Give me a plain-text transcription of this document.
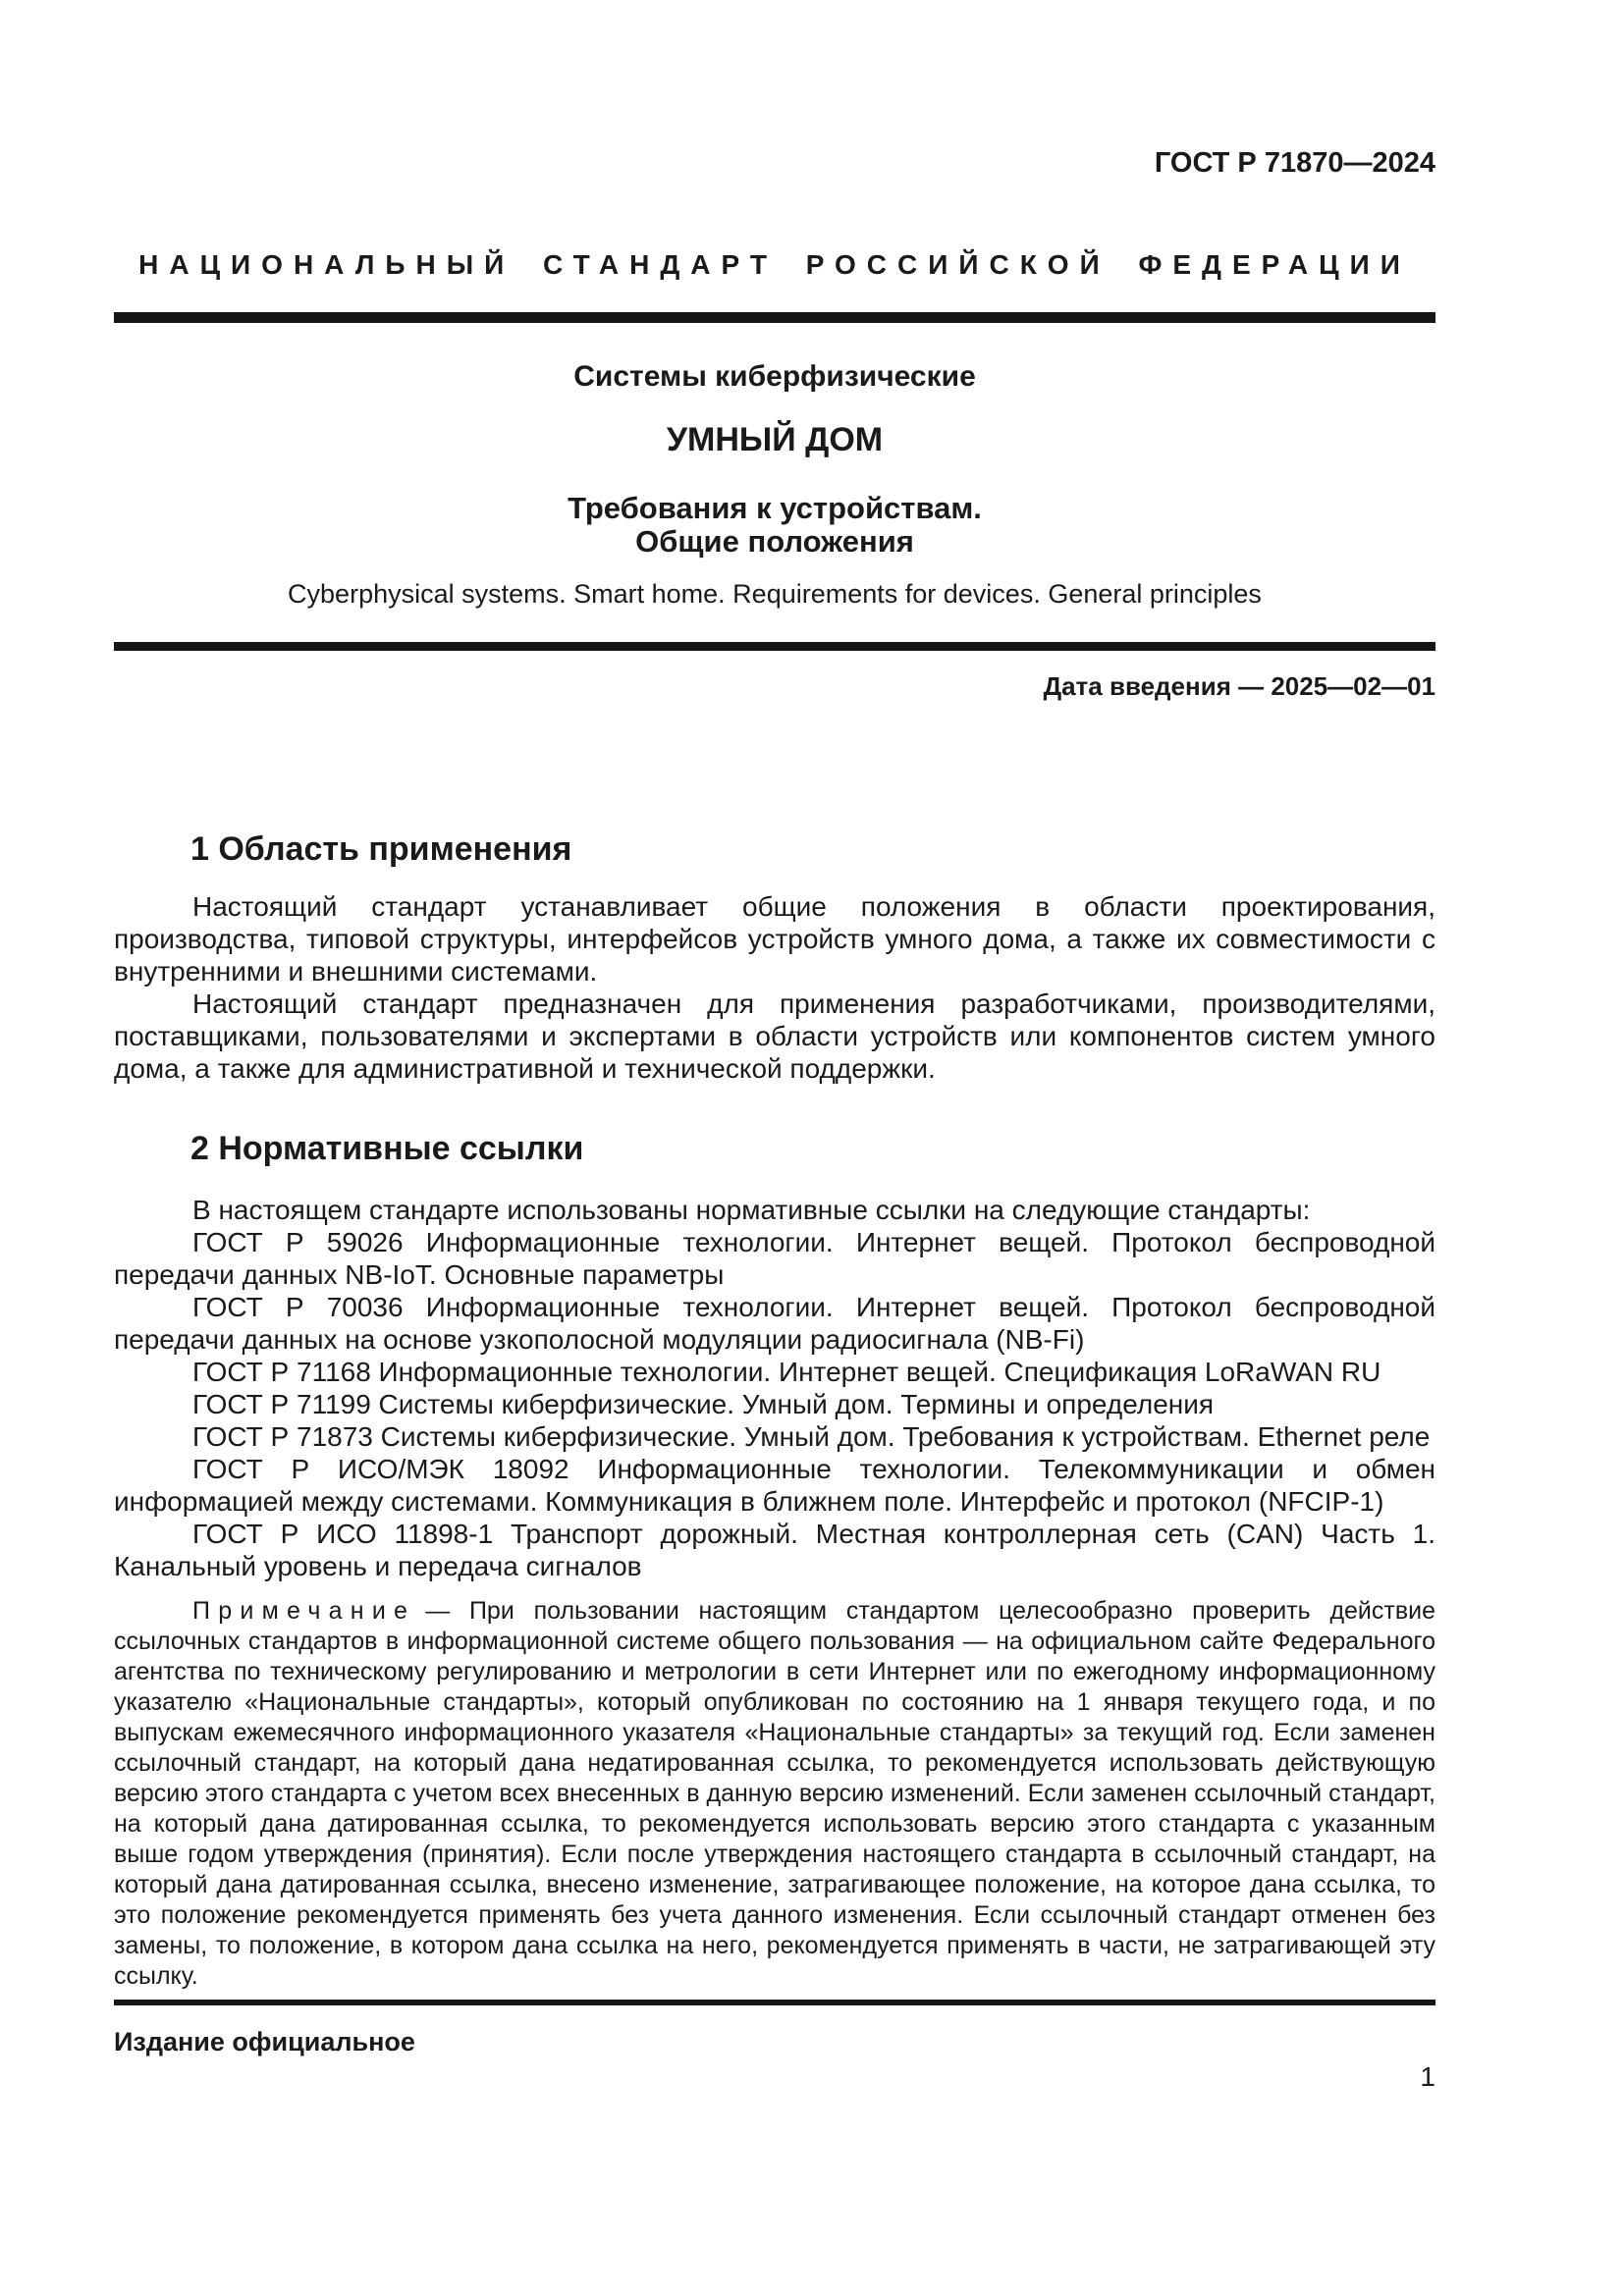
ГОСТ Р 71870—2024
НАЦИОНАЛЬНЫЙ СТАНДАРТ РОССИЙСКОЙ ФЕДЕРАЦИИ
Системы киберфизические
УМНЫЙ ДОМ
Требования к устройствам.
Общие положения
Cyberphysical systems. Smart home. Requirements for devices. General principles
Дата введения — 2025—02—01
1 Область применения

Настоящий стандарт устанавливает общие положения в области проектирования, производства, типовой структуры, интерфейсов устройств умного дома, а также их совместимости с внутренними и внешними системами.

Настоящий стандарт предназначен для применения разработчиками, производителями, поставщиками, пользователями и экспертами в области устройств или компонентов систем умного дома, а также для административной и технической поддержки.

2 Нормативные ссылки

В настоящем стандарте использованы нормативные ссылки на следующие стандарты:

ГОСТ Р 59026 Информационные технологии. Интернет вещей. Протокол беспроводной передачи данных NB-IoT. Основные параметры

ГОСТ Р 70036 Информационные технологии. Интернет вещей. Протокол беспроводной передачи данных на основе узкополосной модуляции радиосигнала (NB-Fi)

ГОСТ Р 71168 Информационные технологии. Интернет вещей. Спецификация LoRaWAN RU

ГОСТ Р 71199 Системы киберфизические. Умный дом. Термины и определения

ГОСТ Р 71873 Системы киберфизические. Умный дом. Требования к устройствам. Ethernet реле

ГОСТ Р ИСО/МЭК 18092 Информационные технологии. Телекоммуникации и обмен информацией между системами. Коммуникация в ближнем поле. Интерфейс и протокол (NFCIP-1)

ГОСТ Р ИСО 11898-1 Транспорт дорожный. Местная контроллерная сеть (CAN) Часть 1. Канальный уровень и передача сигналов

Примечание — При пользовании настоящим стандартом целесообразно проверить действие ссылочных стандартов в информационной системе общего пользования — на официальном сайте Федерального агентства по техническому регулированию и метрологии в сети Интернет или по ежегодному информационному указателю «Национальные стандарты», который опубликован по состоянию на 1 января текущего года, и по выпускам ежемесячного информационного указателя «Национальные стандарты» за текущий год. Если заменен ссылочный стандарт, на который дана недатированная ссылка, то рекомендуется использовать действующую версию этого стандарта с учетом всех внесенных в данную версию изменений. Если заменен ссылочный стандарт, на который дана датированная ссылка, то рекомендуется использовать версию этого стандарта с указанным выше годом утверждения (принятия). Если после утверждения настоящего стандарта в ссылочный стандарт, на который дана датированная ссылка, внесено изменение, затрагивающее положение, на которое дана ссылка, то это положение рекомендуется применять без учета данного изменения. Если ссылочный стандарт отменен без замены, то положение, в котором дана ссылка на него, рекомендуется применять в части, не затрагивающей эту ссылку.

Издание официальное
1
